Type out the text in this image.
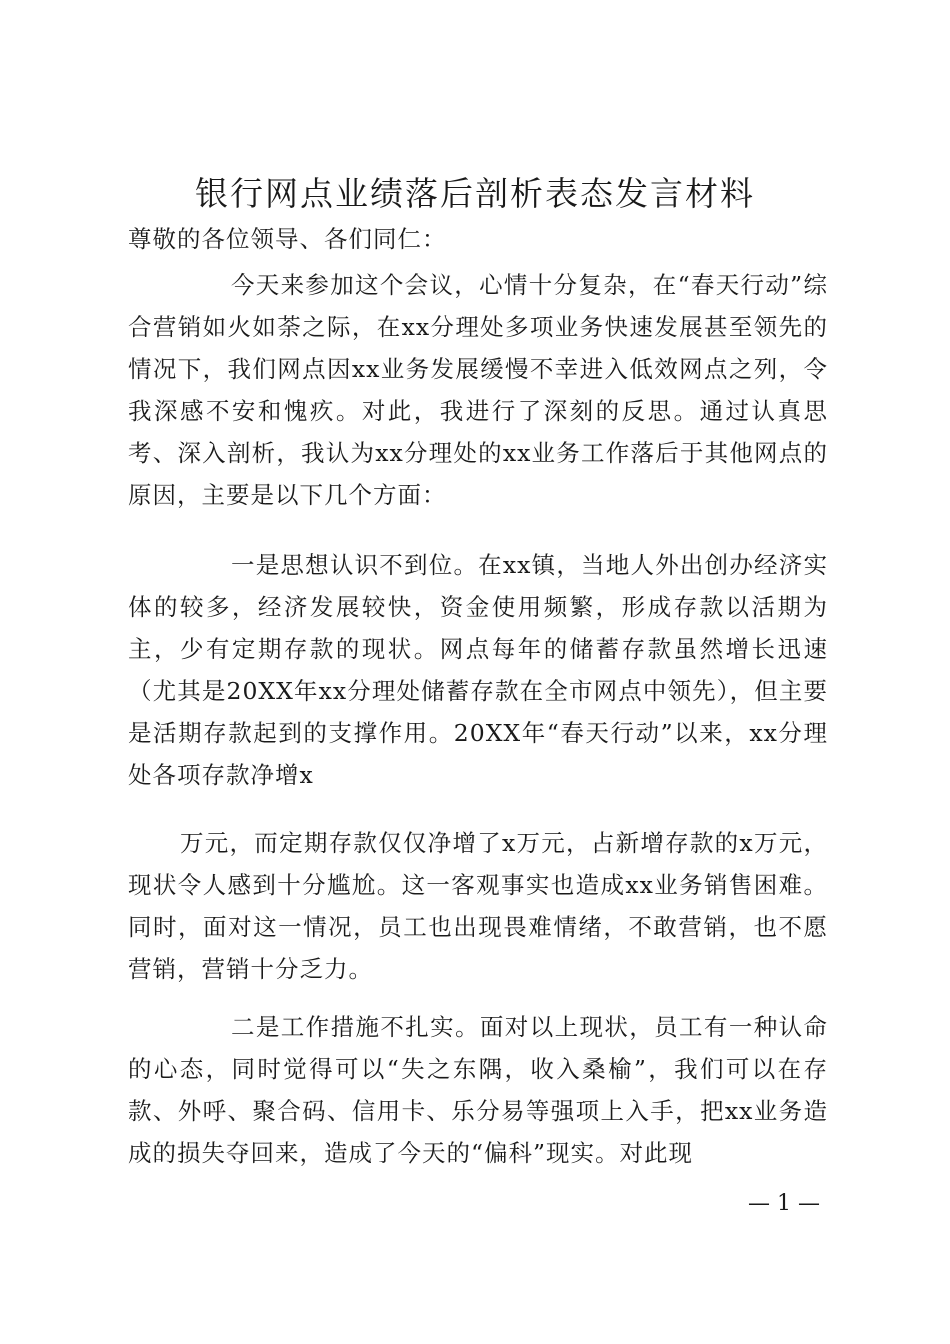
银行网点业绩落后剖析表态发言材料
尊敬的各位领导、各们同仁：
今天来参加这个会议，心情十分复杂，在“春天行动”综合营销如火如荼之际，在xx分理处多项业务快速发展甚至领先的情况下，我们网点因xx业务发展缓慢不幸进入低效网点之列，令我深感不安和愧疚。对此，我进行了深刻的反思。通过认真思考、深入剖析，我认为xx分理处的xx业务工作落后于其他网点的原因，主要是以下几个方面：
一是思想认识不到位。在xx镇，当地人外出创办经济实体的较多，经济发展较快，资金使用频繁，形成存款以活期为主，少有定期存款的现状。网点每年的储蓄存款虽然增长迅速（尤其是20XX年xx分理处储蓄存款在全市网点中领先），但主要是活期存款起到的支撑作用。20XX年“春天行动”以来，xx分理处各项存款净增x
万元，而定期存款仅仅净增了x万元，占新增存款的x万元，现状令人感到十分尴尬。这一客观事实也造成xx业务销售困难。同时，面对这一情况，员工也出现畏难情绪，不敢营销，也不愿营销，营销十分乏力。
二是工作措施不扎实。面对以上现状，员工有一种认命的心态，同时觉得可以“失之东隅，收入桑榆”，我们可以在存款、外呼、聚合码、信用卡、乐分易等强项上入手，把xx业务造成的损失夺回来，造成了今天的“偏科”现实。对此现
— 1 —
